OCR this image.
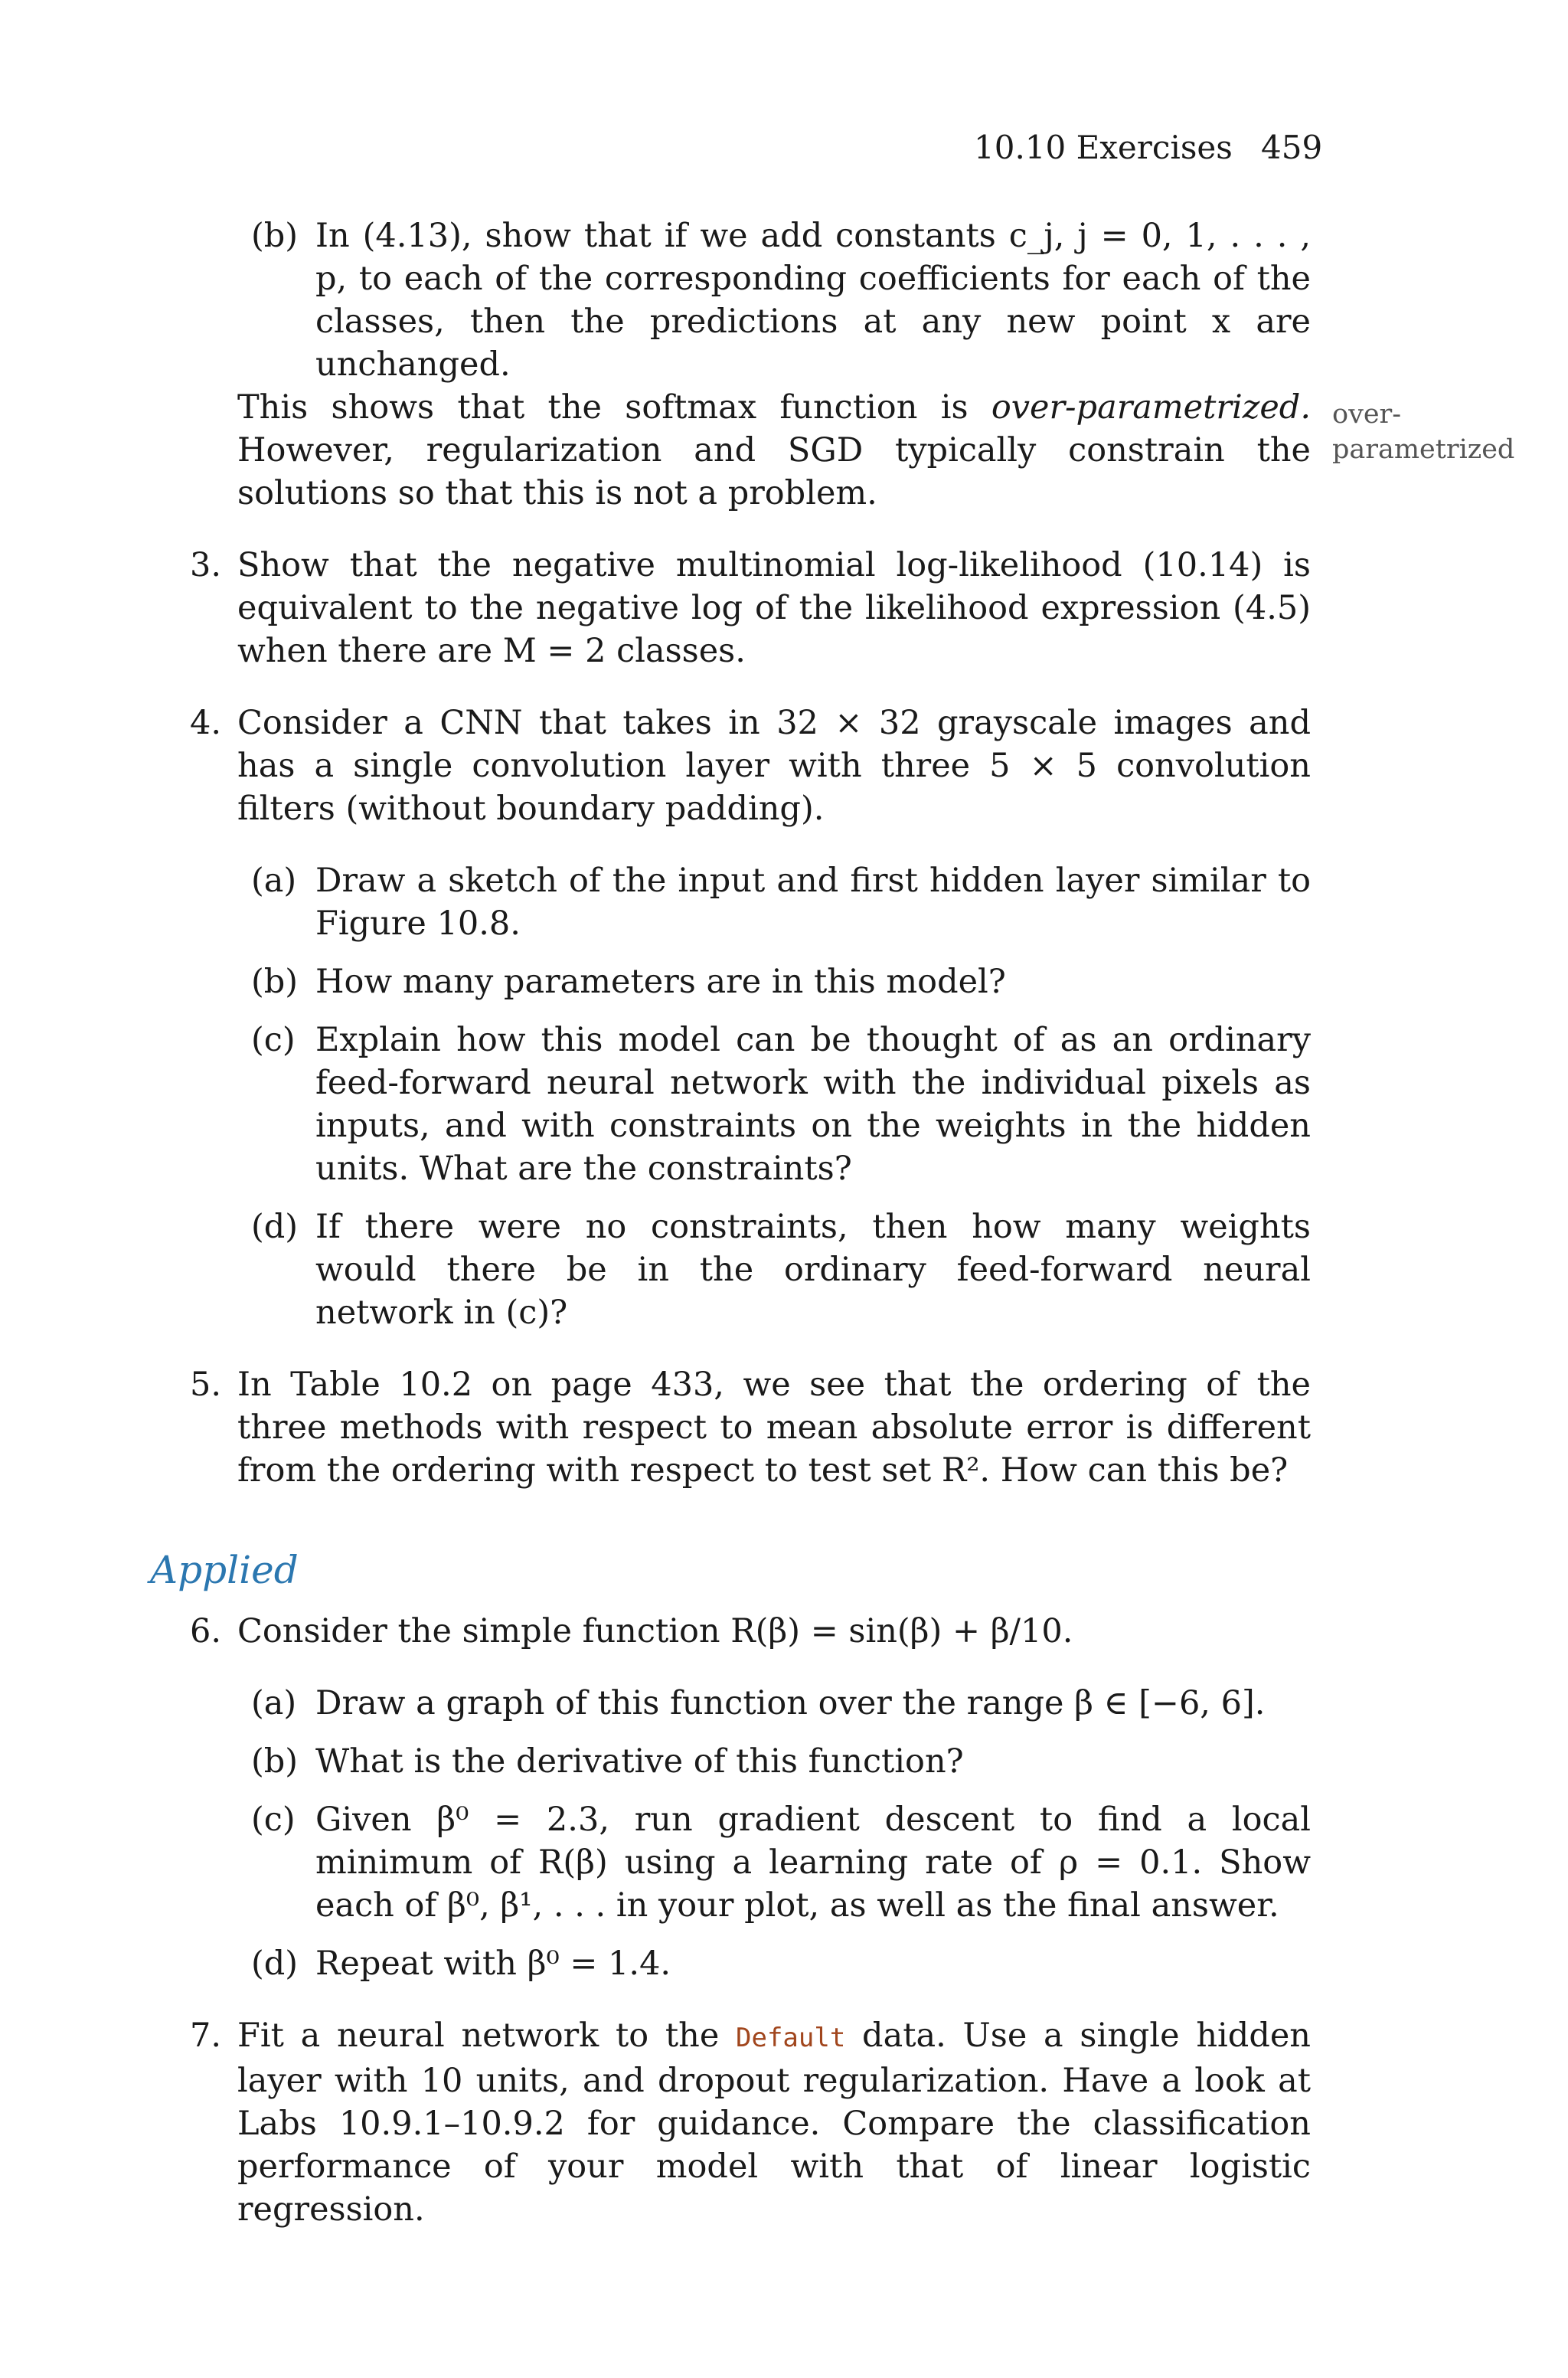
10.10 Exercises 459
over-
parametrized
(b) In (4.13), show that if we add constants c_j, j = 0, 1, . . . , p, to each of the corresponding coefficients for each of the classes, then the predictions at any new point x are unchanged.

This shows that the softmax function is over-parametrized. However, regularization and SGD typically constrain the solutions so that this is not a problem.

3. Show that the negative multinomial log-likelihood (10.14) is equivalent to the negative log of the likelihood expression (4.5) when there are M = 2 classes.

4. Consider a CNN that takes in 32 × 32 grayscale images and has a single convolution layer with three 5 × 5 convolution filters (without boundary padding).

(a) Draw a sketch of the input and first hidden layer similar to Figure 10.8.

(b) How many parameters are in this model?

(c) Explain how this model can be thought of as an ordinary feed-forward neural network with the individual pixels as inputs, and with constraints on the weights in the hidden units. What are the constraints?

(d) If there were no constraints, then how many weights would there be in the ordinary feed-forward neural network in (c)?

5. In Table 10.2 on page 433, we see that the ordering of the three methods with respect to mean absolute error is different from the ordering with respect to test set R². How can this be?

Applied
6. Consider the simple function R(β) = sin(β) + β/10.

(a) Draw a graph of this function over the range β ∈ [−6, 6].

(b) What is the derivative of this function?

(c) Given β⁰ = 2.3, run gradient descent to find a local minimum of R(β) using a learning rate of ρ = 0.1. Show each of β⁰, β¹, . . . in your plot, as well as the final answer.

(d) Repeat with β⁰ = 1.4.

7. Fit a neural network to the Default data. Use a single hidden layer with 10 units, and dropout regularization. Have a look at Labs 10.9.1–10.9.2 for guidance. Compare the classification performance of your model with that of linear logistic regression.
